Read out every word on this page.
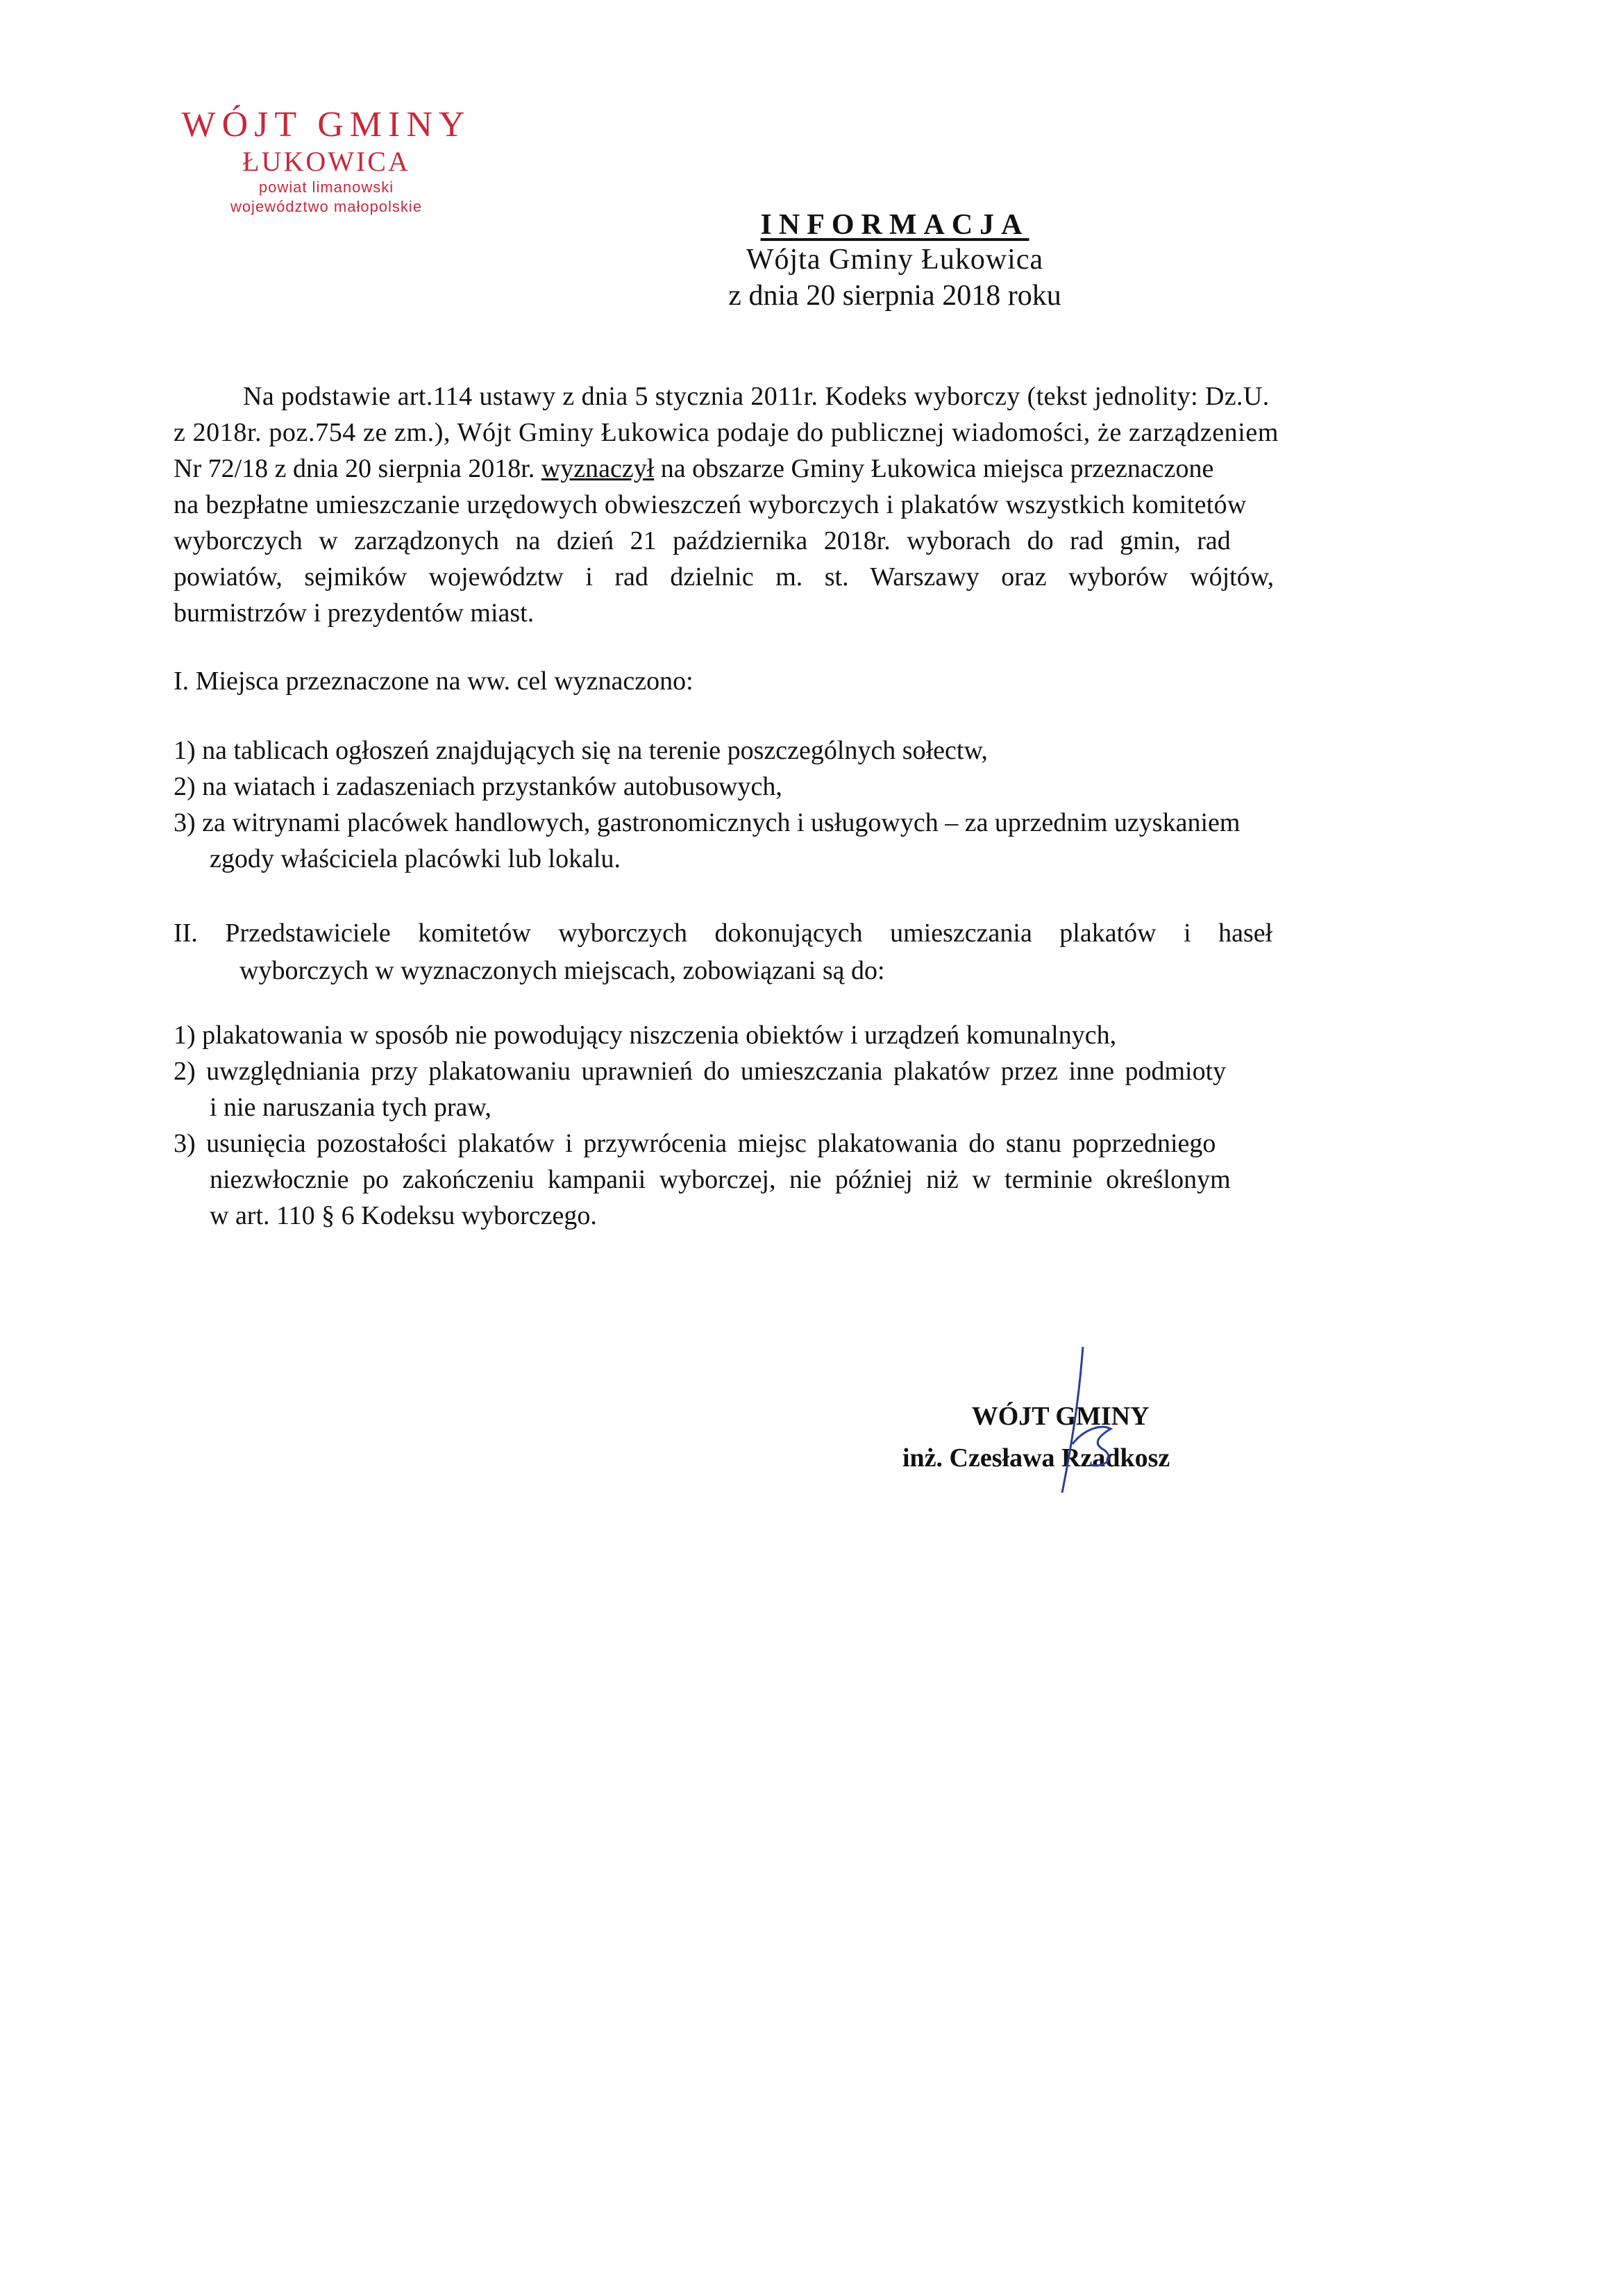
WÓJT GMINY
ŁUKOWICA
powiat limanowski
województwo małopolskie
INFORMACJA
Wójta Gminy Łukowica
z dnia 20 sierpnia 2018 roku
Na podstawie art.114 ustawy z dnia 5 stycznia 2011r. Kodeks wyborczy (tekst jednolity: Dz.U.
z 2018r. poz.754 ze zm.), Wójt Gminy Łukowica podaje do publicznej wiadomości, że zarządzeniem
Nr 72/18 z dnia 20 sierpnia 2018r. wyznaczył na obszarze Gminy Łukowica miejsca przeznaczone
na bezpłatne umieszczanie urzędowych obwieszczeń wyborczych i plakatów wszystkich komitetów
wyborczych w zarządzonych na dzień 21 października 2018r. wyborach do rad gmin, rad
powiatów, sejmików województw i rad dzielnic m. st. Warszawy oraz wyborów wójtów,
burmistrzów i prezydentów miast.
I. Miejsca przeznaczone na ww. cel wyznaczono:
1) na tablicach ogłoszeń znajdujących się na terenie poszczególnych sołectw,
2) na wiatach i zadaszeniach przystanków autobusowych,
3) za witrynami placówek handlowych, gastronomicznych i usługowych – za uprzednim uzyskaniem
zgody właściciela placówki lub lokalu.
II. Przedstawiciele komitetów wyborczych dokonujących umieszczania plakatów i haseł
wyborczych w wyznaczonych miejscach, zobowiązani są do:
1) plakatowania w sposób nie powodujący niszczenia obiektów i urządzeń komunalnych,
2) uwzględniania przy plakatowaniu uprawnień do umieszczania plakatów przez inne podmioty
i nie naruszania tych praw,
3) usunięcia pozostałości plakatów i przywrócenia miejsc plakatowania do stanu poprzedniego
niezwłocznie po zakończeniu kampanii wyborczej, nie później niż w terminie określonym
w art. 110 § 6 Kodeksu wyborczego.
WÓJT GMINY
inż. Czesława Rzadkosz
